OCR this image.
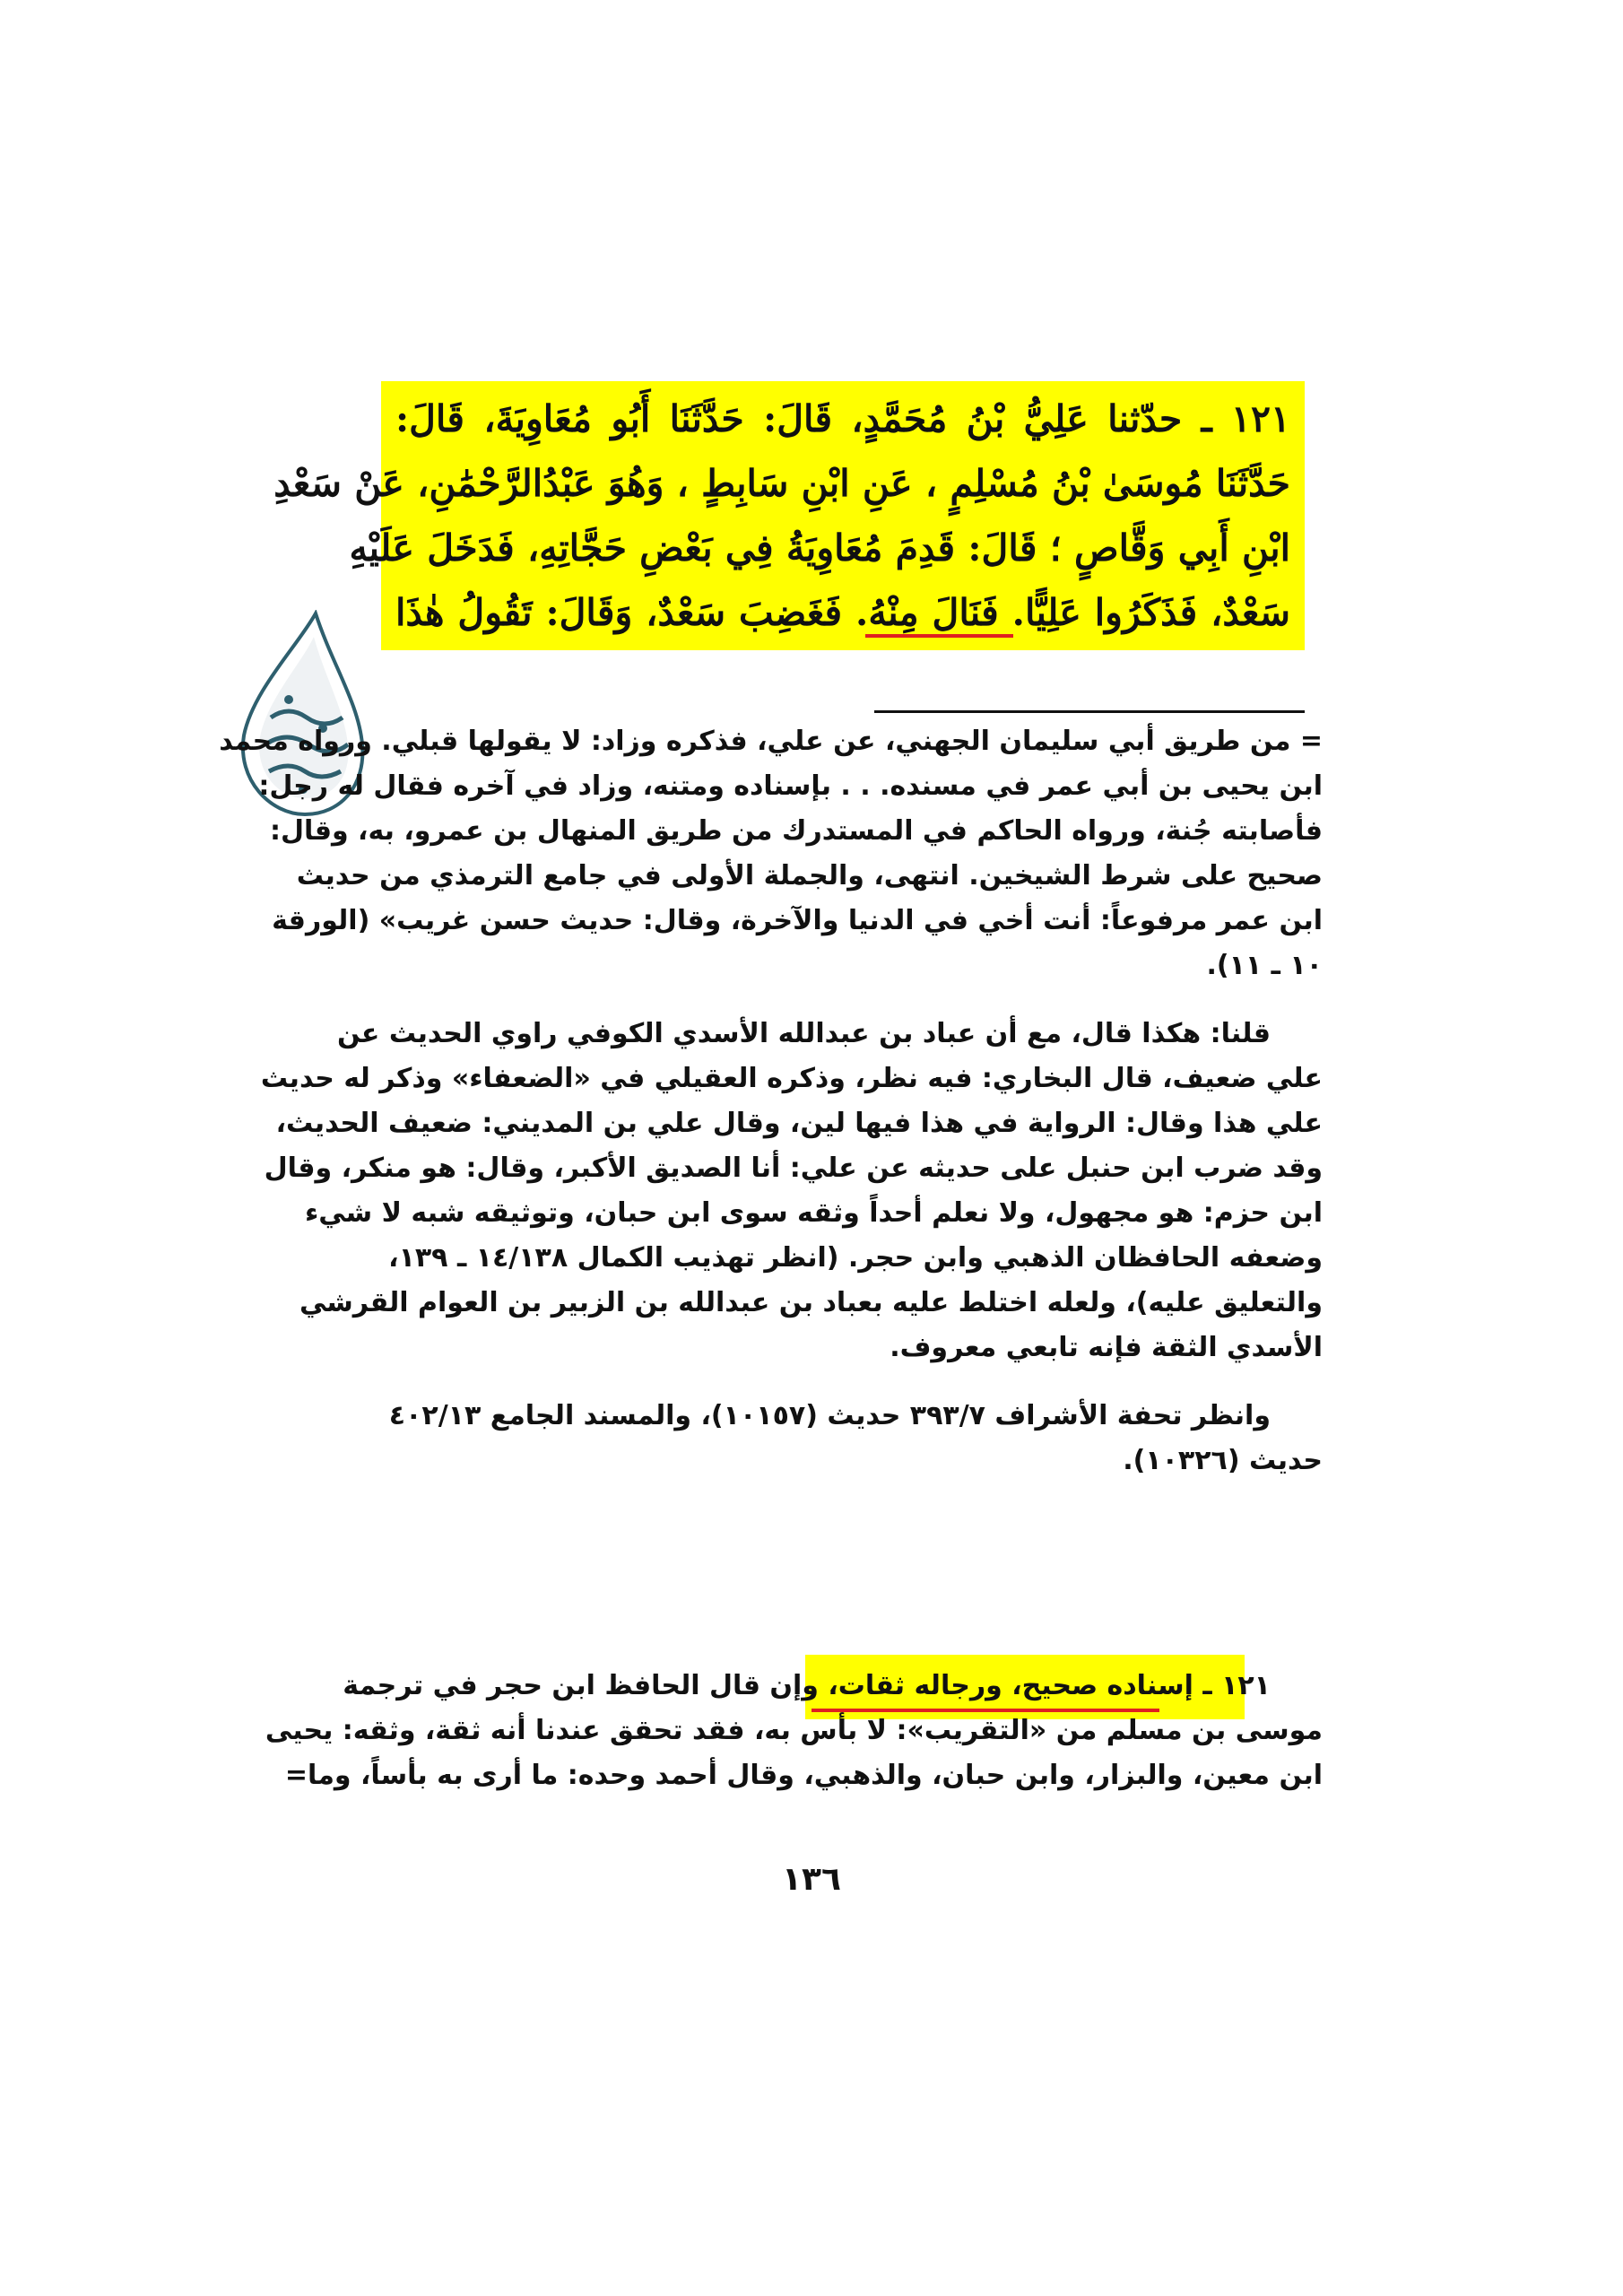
١٢١ ـ حدّثنا عَلِيُّ بْنُ مُحَمَّدٍ، قَالَ: حَدَّثَنَا أَبُو مُعَاوِيَةَ، قَالَ:
حَدَّثَنَا مُوسَىٰ بْنُ مُسْلِمٍ ، عَنِ ابْنِ سَابِطٍ ، وَهُوَ عَبْدُالرَّحْمَٰنِ، عَنْ سَعْدِ
ابْنِ أَبِي وَقَّاصٍ ؛ قَالَ: قَدِمَ مُعَاوِيَةُ فِي بَعْضِ حَجَّاتِهِ، فَدَخَلَ عَلَيْهِ
سَعْدٌ، فَذَكَرُوا عَلِيًّا. فَنَالَ مِنْهُ. فَغَضِبَ سَعْدٌ، وَقَالَ: تَقُولُ هٰذَا
= من طريق أبي سليمان الجهني، عن علي، فذكره وزاد: لا يقولها قبلي. ورواه محمد
ابن يحيى بن أبي عمر في مسنده. . . بإسناده ومتنه، وزاد في آخره فقال له رجل:
فأصابته جُنة، ورواه الحاكم في المستدرك من طريق المنهال بن عمرو، به، وقال:
صحيح على شرط الشيخين. انتهى، والجملة الأولى في جامع الترمذي من حديث
ابن عمر مرفوعاً: أنت أخي في الدنيا والآخرة، وقال: حديث حسن غريب» (الورقة
١٠ ـ ١١).
قلنا: هكذا قال، مع أن عباد بن عبدالله الأسدي الكوفي راوي الحديث عن
علي ضعيف، قال البخاري: فيه نظر، وذكره العقيلي في «الضعفاء» وذكر له حديث
علي هذا وقال: الرواية في هذا فيها لين، وقال علي بن المديني: ضعيف الحديث،
وقد ضرب ابن حنبل على حديثه عن علي: أنا الصديق الأكبر، وقال: هو منكر، وقال
ابن حزم: هو مجهول، ولا نعلم أحداً وثقه سوى ابن حبان، وتوثيقه شبه لا شيء
وضعفه الحافظان الذهبي وابن حجر. (انظر تهذيب الكمال ١٤/١٣٨ ـ ١٣٩،
والتعليق عليه)، ولعله اختلط عليه بعباد بن عبدالله بن الزبير بن العوام القرشي
الأسدي الثقة فإنه تابعي معروف.
وانظر تحفة الأشراف ٣٩٣/٧ حديث (١٠١٥٧)، والمسند الجامع ٤٠٢/١٣
حديث (١٠٣٢٦).
١٢١ ـ إسناده صحيح، ورجاله ثقات، وإن قال الحافظ ابن حجر في ترجمة
موسى بن مسلم من «التقريب»: لا بأس به، فقد تحقق عندنا أنه ثقة، وثقه: يحيى
ابن معين، والبزار، وابن حبان، والذهبي، وقال أحمد وحده: ما أرى به بأساً، وما=
١٣٦
